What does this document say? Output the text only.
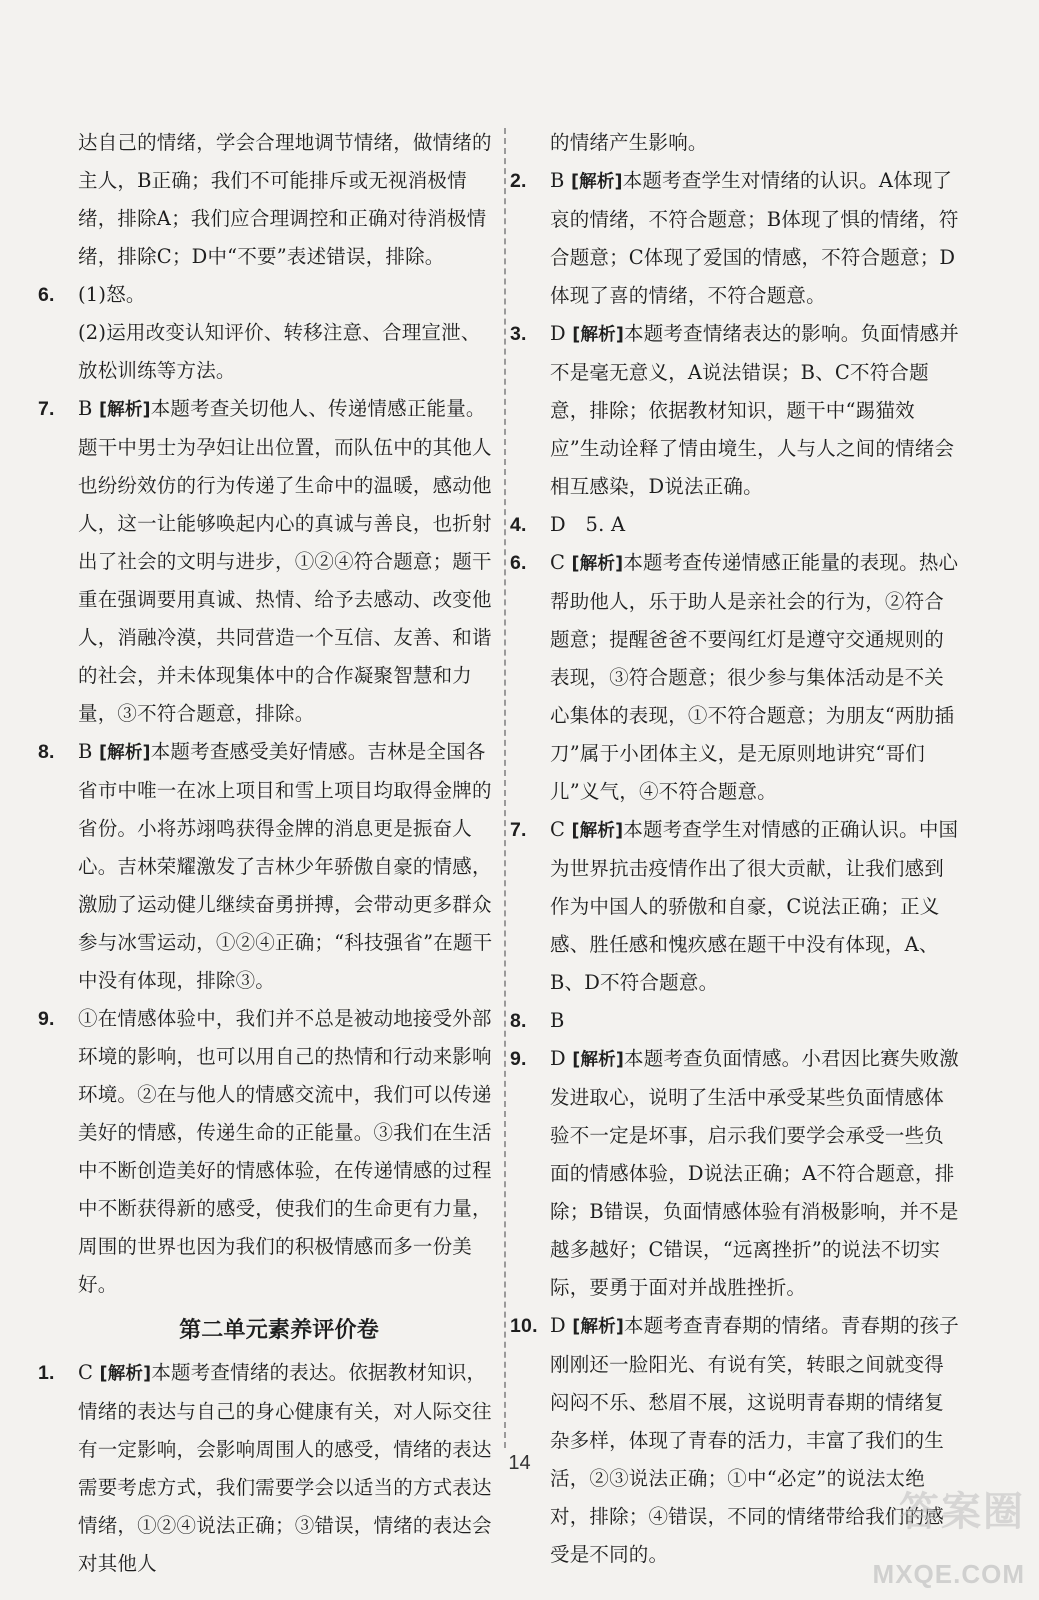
达自己的情绪，学会合理地调节情绪，做情绪的主人，B正确；我们不可能排斥或无视消极情绪，排除A；我们应合理调控和正确对待消极情绪，排除C；D中“不要”表述错误，排除。

6. (1)怒。
(2)运用改变认知评价、转移注意、合理宣泄、放松训练等方法。
7. B [解析]本题考查关切他人、传递情感正能量。题干中男士为孕妇让出位置，而队伍中的其他人也纷纷效仿的行为传递了生命中的温暖，感动他人，这一让能够唤起内心的真诚与善良，也折射出了社会的文明与进步，①②④符合题意；题干重在强调要用真诚、热情、给予去感动、改变他人，消融冷漠，共同营造一个互信、友善、和谐的社会，并未体现集体中的合作凝聚智慧和力量，③不符合题意，排除。
8. B [解析]本题考查感受美好情感。吉林是全国各省市中唯一在冰上项目和雪上项目均取得金牌的省份。小将苏翊鸣获得金牌的消息更是振奋人心。吉林荣耀激发了吉林少年骄傲自豪的情感，激励了运动健儿继续奋勇拼搏，会带动更多群众参与冰雪运动，①②④正确；“科技强省”在题干中没有体现，排除③。
9. ①在情感体验中，我们并不总是被动地接受外部环境的影响，也可以用自己的热情和行动来影响环境。②在与他人的情感交流中，我们可以传递美好的情感，传递生命的正能量。③我们在生活中不断创造美好的情感体验，在传递情感的过程中不断获得新的感受，使我们的生命更有力量，周围的世界也因为我们的积极情感而多一份美好。
第二单元素养评价卷
1. C [解析]本题考查情绪的表达。依据教材知识，情绪的表达与自己的身心健康有关，对人际交往有一定影响，会影响周围人的感受，情绪的表达需要考虑方式，我们需要学会以适当的方式表达情绪，①②④说法正确；③错误，情绪的表达会对其他人

的情绪产生影响。

2. B [解析]本题考查学生对情绪的认识。A体现了哀的情绪，不符合题意；B体现了惧的情绪，符合题意；C体现了爱国的情感，不符合题意；D体现了喜的情绪，不符合题意。
3. D [解析]本题考查情绪表达的影响。负面情感并不是毫无意义，A说法错误；B、C不符合题意，排除；依据教材知识，题干中“踢猫效应”生动诠释了情由境生，人与人之间的情绪会相互感染，D说法正确。
4. D　5. A
6. C [解析]本题考查传递情感正能量的表现。热心帮助他人，乐于助人是亲社会的行为，②符合题意；提醒爸爸不要闯红灯是遵守交通规则的表现，③符合题意；很少参与集体活动是不关心集体的表现，①不符合题意；为朋友“两肋插刀”属于小团体主义，是无原则地讲究“哥们儿”义气，④不符合题意。
7. C [解析]本题考查学生对情感的正确认识。中国为世界抗击疫情作出了很大贡献，让我们感到作为中国人的骄傲和自豪，C说法正确；正义感、胜任感和愧疚感在题干中没有体现，A、B、D不符合题意。
8. B
9. D [解析]本题考查负面情感。小君因比赛失败激发进取心，说明了生活中承受某些负面情感体验不一定是坏事，启示我们要学会承受一些负面的情感体验，D说法正确；A不符合题意，排除；B错误，负面情感体验有消极影响，并不是越多越好；C错误，“远离挫折”的说法不切实际，要勇于面对并战胜挫折。
10. D [解析]本题考查青春期的情绪。青春期的孩子刚刚还一脸阳光、有说有笑，转眼之间就变得闷闷不乐、愁眉不展，这说明青春期的情绪复杂多样，体现了青春的活力，丰富了我们的生活，②③说法正确；①中“必定”的说法太绝对，排除；④错误，不同的情绪带给我们的感受是不同的。
14
答案圈
MXQE.COM
